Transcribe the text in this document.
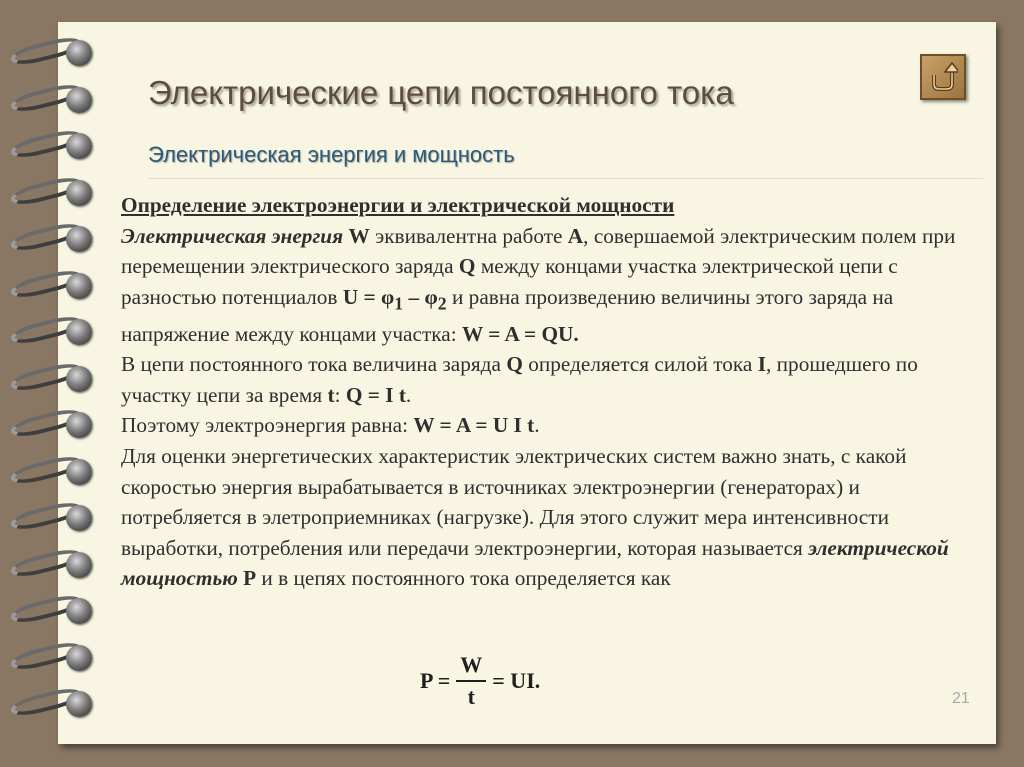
Электрические цепи постоянного тока
Электрическая энергия и мощность

Определение электроэнергии и электрической мощности

Электрическая энергия W эквивалентна работе A, совершаемой электрическим полем при перемещении электрического заряда Q между концами участка электрической цепи с разностью потенциалов $U = \varphi_1 - \varphi_2$ и равна произведению величины этого заряда на напряжение между концами участка: W = A = QU.

В цепи постоянного тока величина заряда Q определяется силой тока I, прошедшего по участку цепи за время t: Q = I t.

Поэтому электроэнергия равна: W = A = U I t.

Для оценки энергетических характеристик электрических систем важно знать, с какой скоростью энергия вырабатывается в источниках электроэнергии (генераторах) и потребляется в элетроприемниках (нагрузке). Для этого служит мера интенсивности выработки, потребления или передачи электроэнергии, которая называется электрической мощностью Р и в цепях постоянного тока определяется как

$P = \frac{W}{t}$ = UI.
21
